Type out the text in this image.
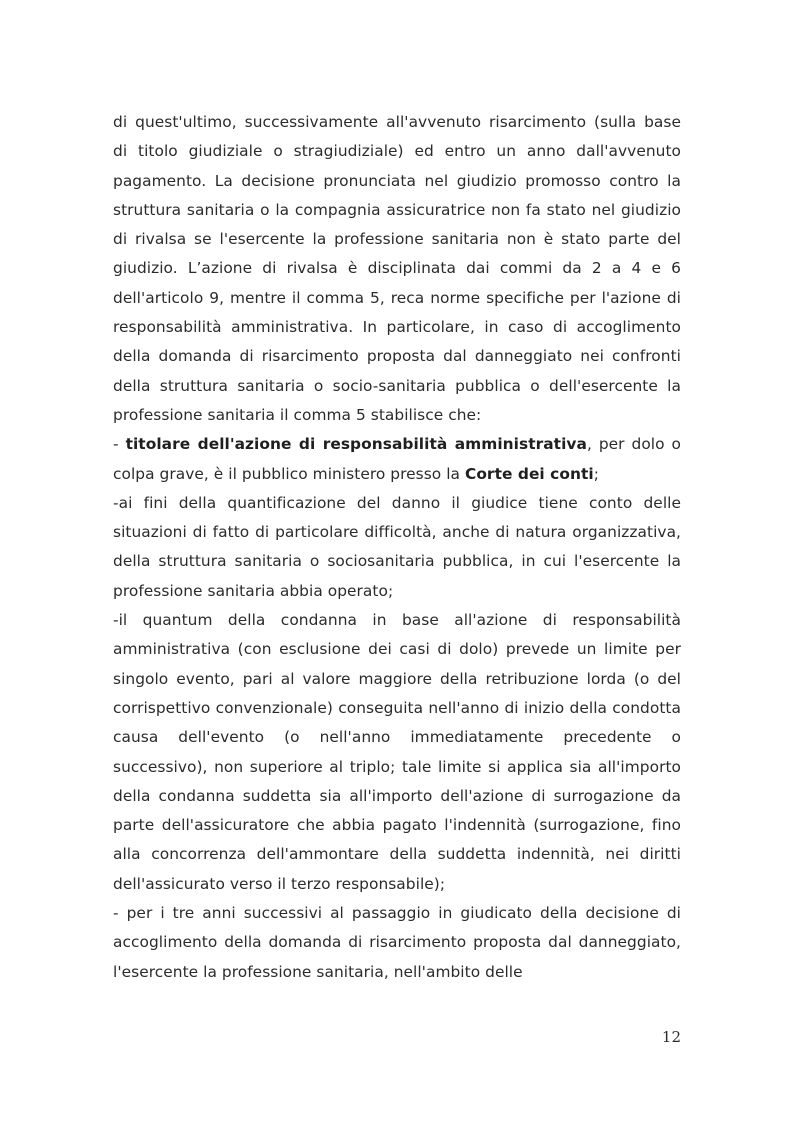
di quest'ultimo, successivamente all'avvenuto risarcimento (sulla base di titolo giudiziale o stragiudiziale) ed entro un anno dall'avvenuto pagamento. La decisione pronunciata nel giudizio promosso contro la struttura sanitaria o la compagnia assicuratrice non fa stato nel giudizio di rivalsa se l'esercente la professione sanitaria non è stato parte del giudizio. L’azione di rivalsa è disciplinata dai commi da 2 a 4 e 6 dell'articolo 9, mentre il comma 5, reca norme specifiche per l'azione di responsabilità amministrativa. In particolare, in caso di accoglimento della domanda di risarcimento proposta dal danneggiato nei confronti della struttura sanitaria o socio-sanitaria pubblica o dell'esercente la professione sanitaria il comma 5 stabilisce che:

- titolare dell'azione di responsabilità amministrativa, per dolo o colpa grave, è il pubblico ministero presso la Corte dei conti;

-ai fini della quantificazione del danno il giudice tiene conto delle situazioni di fatto di particolare difficoltà, anche di natura organizzativa, della struttura sanitaria o sociosanitaria pubblica, in cui l'esercente la professione sanitaria abbia operato;

-il quantum della condanna in base all'azione di responsabilità amministrativa (con esclusione dei casi di dolo) prevede un limite per singolo evento, pari al valore maggiore della retribuzione lorda (o del corrispettivo convenzionale) conseguita nell'anno di inizio della condotta causa dell'evento (o nell'anno immediatamente precedente o successivo), non superiore al triplo; tale limite si applica sia all'importo della condanna suddetta sia all'importo dell'azione di surrogazione da parte dell'assicuratore che abbia pagato l'indennità (surrogazione, fino alla concorrenza dell'ammontare della suddetta indennità, nei diritti dell'assicurato verso il terzo responsabile);

- per i tre anni successivi al passaggio in giudicato della decisione di accoglimento della domanda di risarcimento proposta dal danneggiato, l'esercente la professione sanitaria, nell'ambito delle

12
